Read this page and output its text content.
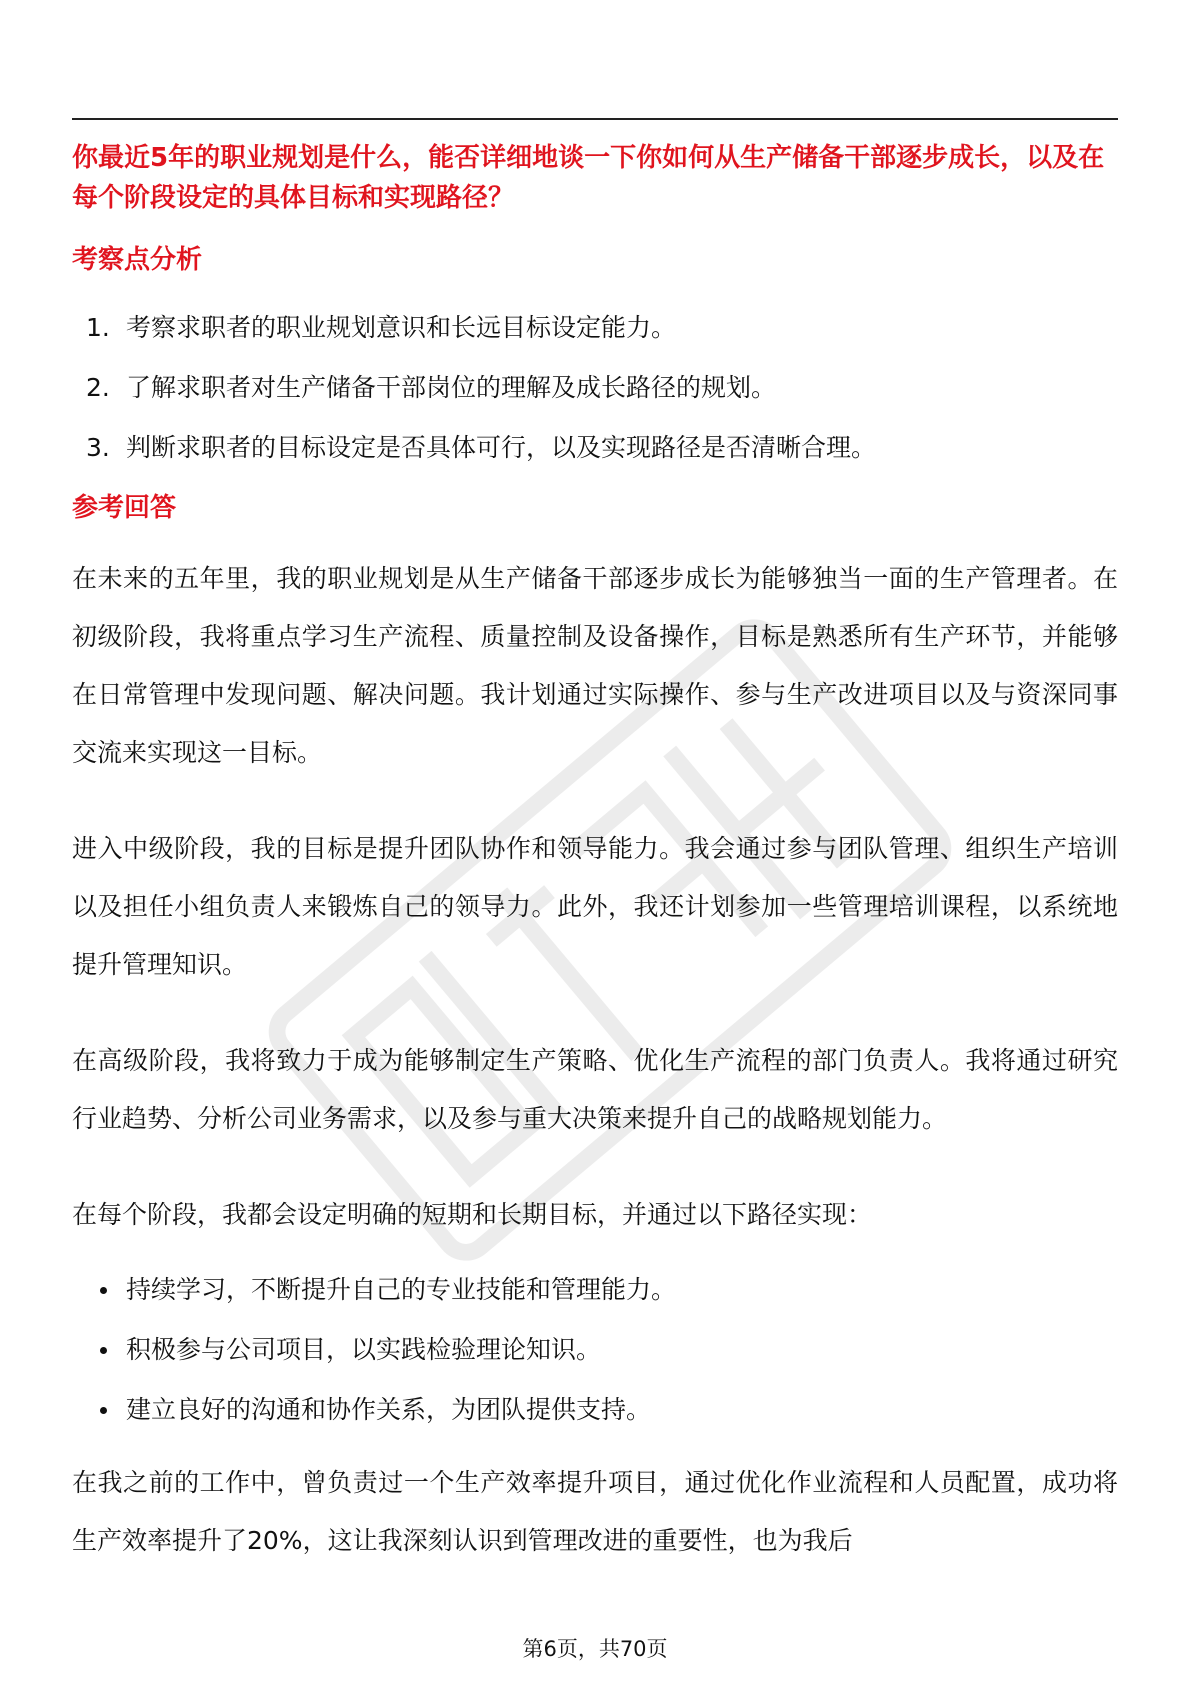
你最近5年的职业规划是什么，能否详细地谈一下你如何从生产储备干部逐步成长，以及在每个阶段设定的具体目标和实现路径？

考察点分析
1. 考察求职者的职业规划意识和长远目标设定能力。
2. 了解求职者对生产储备干部岗位的理解及成长路径的规划。
3. 判断求职者的目标设定是否具体可行，以及实现路径是否清晰合理。
参考回答

在未来的五年里，我的职业规划是从生产储备干部逐步成长为能够独当一面的生产管理者。在初级阶段，我将重点学习生产流程、质量控制及设备操作，目标是熟悉所有生产环节，并能够在日常管理中发现问题、解决问题。我计划通过实际操作、参与生产改进项目以及与资深同事交流来实现这一目标。

进入中级阶段，我的目标是提升团队协作和领导能力。我会通过参与团队管理、组织生产培训以及担任小组负责人来锻炼自己的领导力。此外，我还计划参加一些管理培训课程，以系统地提升管理知识。

在高级阶段，我将致力于成为能够制定生产策略、优化生产流程的部门负责人。我将通过研究行业趋势、分析公司业务需求，以及参与重大决策来提升自己的战略规划能力。

在每个阶段，我都会设定明确的短期和长期目标，并通过以下路径实现：

持续学习，不断提升自己的专业技能和管理能力。
积极参与公司项目，以实践检验理论知识。
建立良好的沟通和协作关系，为团队提供支持。

在我之前的工作中，曾负责过一个生产效率提升项目，通过优化作业流程和人员配置，成功将生产效率提升了20%，这让我深刻认识到管理改进的重要性，也为我后

第6页，共70页
